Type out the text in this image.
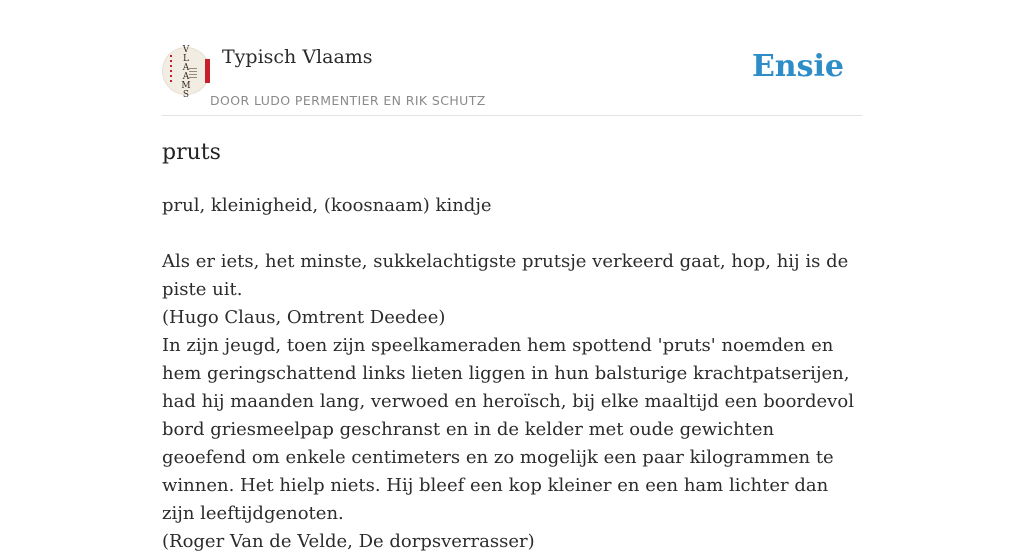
V
L
A
A
M
S
Typisch Vlaams
DOOR LUDO PERMENTIER EN RIK SCHUTZ
Ensie
pruts

prul, kleinigheid, (koosnaam) kindje

Als er iets, het minste, sukkelachtigste prutsje verkeerd gaat, hop, hij is de piste uit.

(Hugo Claus, Omtrent Deedee)

In zijn jeugd, toen zijn speelkameraden hem spottend 'pruts' noemden en hem geringschattend links lieten liggen in hun balsturige krachtpatserijen, had hij maanden lang, verwoed en heroïsch, bij elke maaltijd een boordevol bord griesmeelpap geschranst en in de kelder met oude gewichten geoefend om enkele centimeters en zo mogelijk een paar kilogrammen te winnen. Het hielp niets. Hij bleef een kop kleiner en een ham lichter dan zijn leeftijdgenoten.

(Roger Van de Velde, De dorpsverrasser)
